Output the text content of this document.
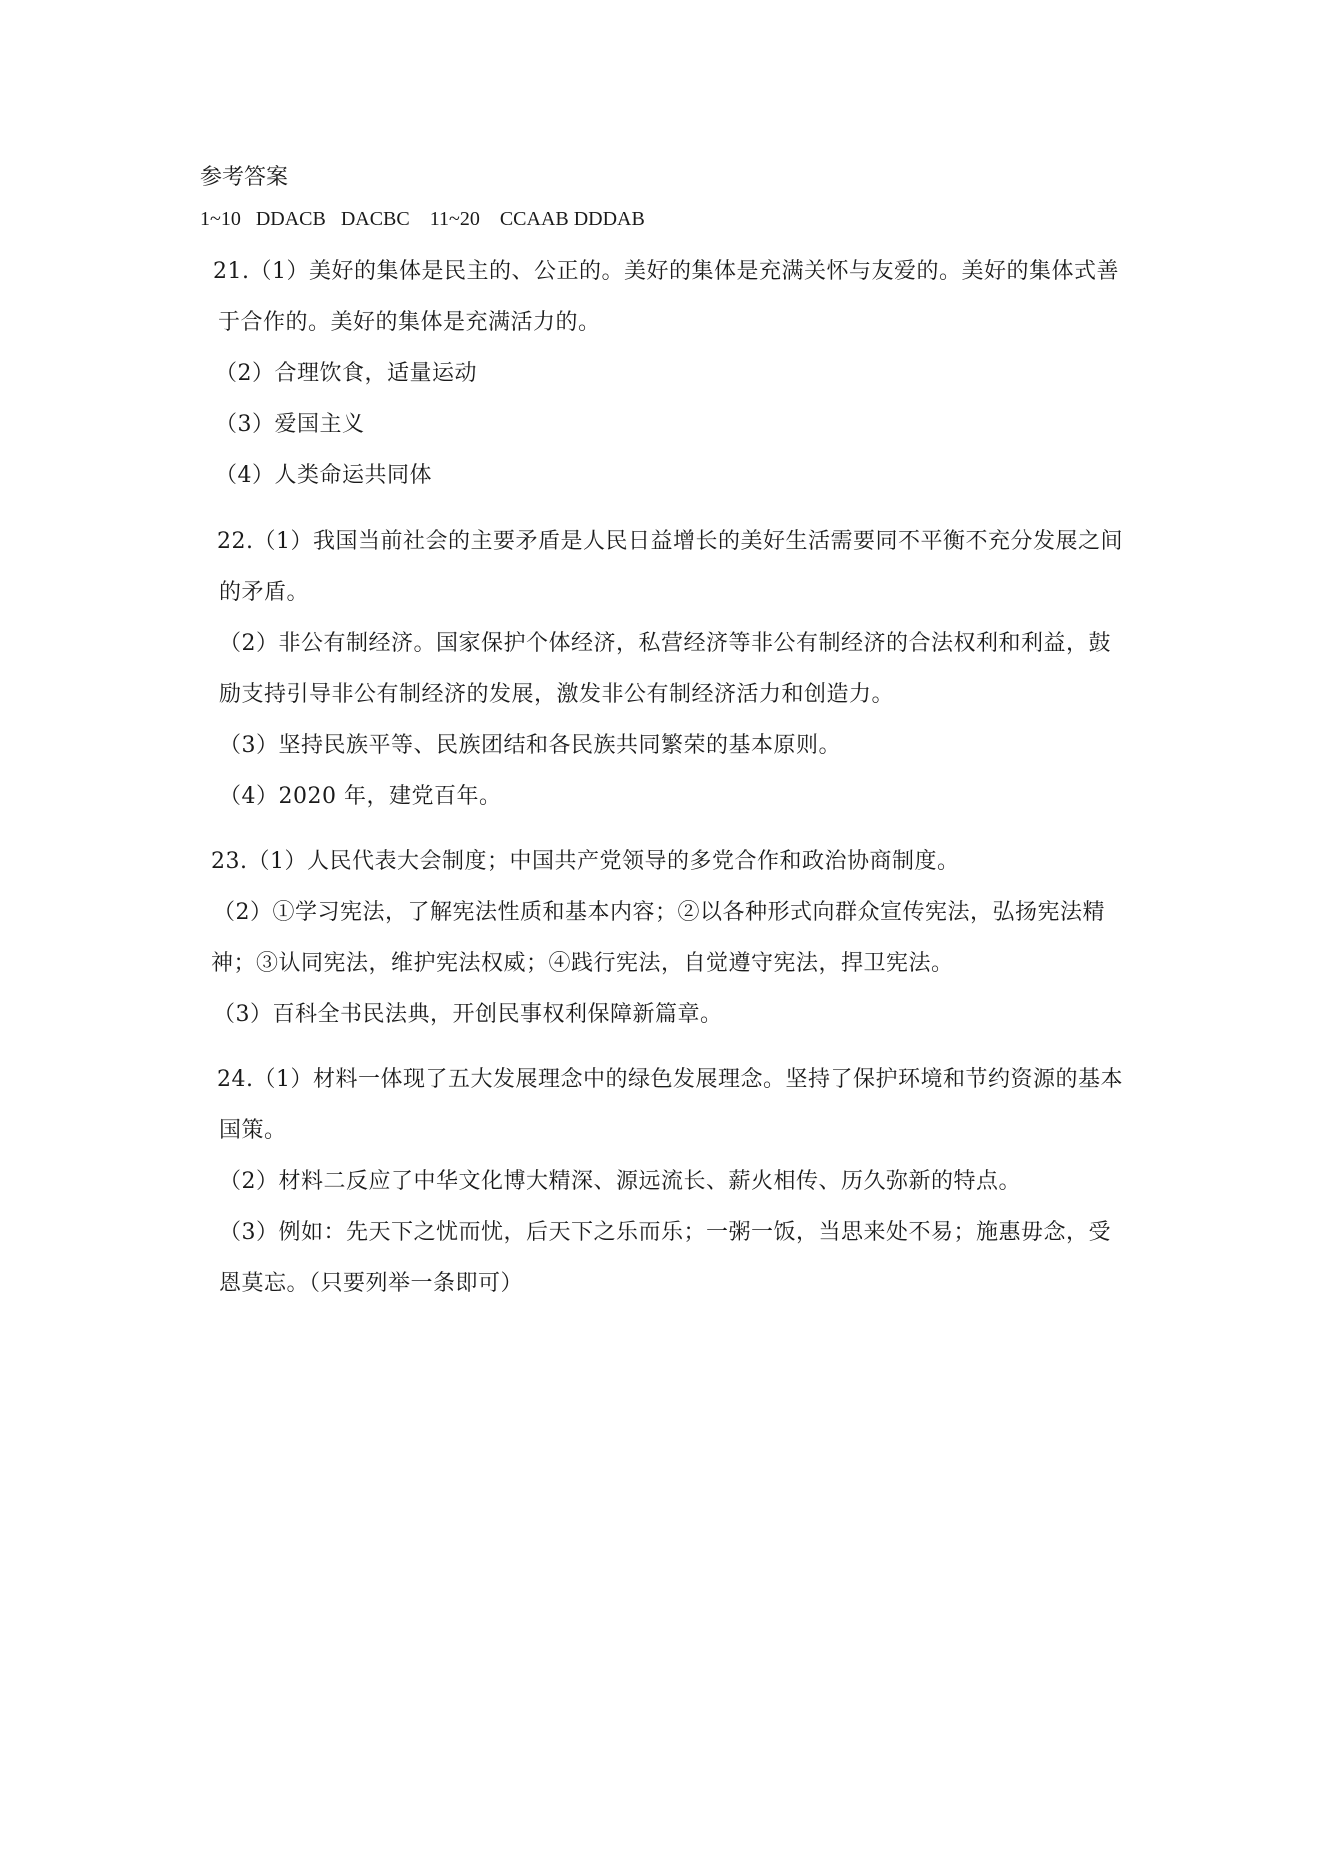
参考答案
1~10   DDACB   DACBC    11~20    CCAAB DDDAB
21.（1）美好的集体是民主的、公正的。美好的集体是充满关怀与友爱的。美好的集体式善
于合作的。美好的集体是充满活力的。
（2）合理饮食，适量运动
（3）爱国主义
（4）人类命运共同体
22.（1）我国当前社会的主要矛盾是人民日益增长的美好生活需要同不平衡不充分发展之间
的矛盾。
（2）非公有制经济。国家保护个体经济，私营经济等非公有制经济的合法权利和利益，鼓
励支持引导非公有制经济的发展，激发非公有制经济活力和创造力。
（3）坚持民族平等、民族团结和各民族共同繁荣的基本原则。
（4）2020 年，建党百年。
23.（1）人民代表大会制度；中国共产党领导的多党合作和政治协商制度。
（2）①学习宪法，了解宪法性质和基本内容；②以各种形式向群众宣传宪法，弘扬宪法精
神；③认同宪法，维护宪法权威；④践行宪法，自觉遵守宪法，捍卫宪法。
（3）百科全书民法典，开创民事权利保障新篇章。
24.（1）材料一体现了五大发展理念中的绿色发展理念。坚持了保护环境和节约资源的基本
国策。
（2）材料二反应了中华文化博大精深、源远流长、薪火相传、历久弥新的特点。
（3）例如：先天下之忧而忧，后天下之乐而乐；一粥一饭，当思来处不易；施惠毋念，受
恩莫忘。（只要列举一条即可）
